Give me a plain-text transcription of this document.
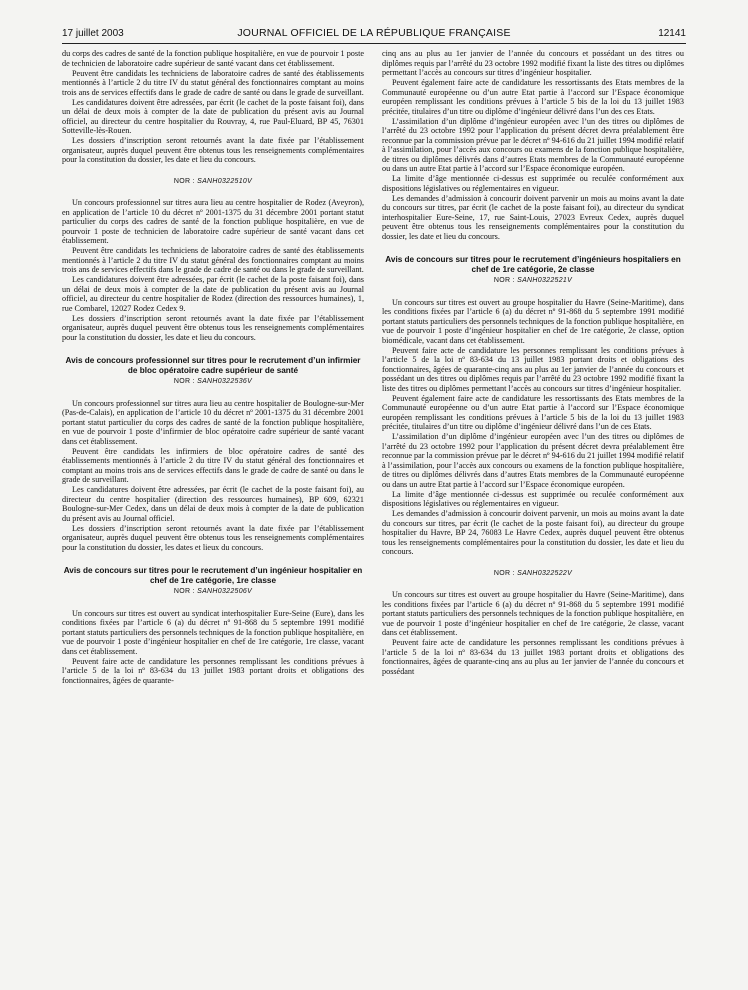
17 juillet 2003	JOURNAL OFFICIEL DE LA RÉPUBLIQUE FRANÇAISE	12141

du corps des cadres de santé de la fonction publique hospitalière, en vue de pourvoir 1 poste de technicien de laboratoire cadre supérieur de santé vacant dans cet établissement.

Peuvent être candidats les techniciens de laboratoire cadres de santé des établissements mentionnés à l’article 2 du titre IV du statut général des fonctionnaires comptant au moins trois ans de services effectifs dans le grade de cadre de santé ou dans le grade de surveillant.

Les candidatures doivent être adressées, par écrit (le cachet de la poste faisant foi), dans un délai de deux mois à compter de la date de publication du présent avis au Journal officiel, au directeur du centre hospitalier du Rouvray, 4, rue Paul-Eluard, BP 45, 76301 Sotteville-lès-Rouen.

Les dossiers d’inscription seront retournés avant la date fixée par l’établissement organisateur, auprès duquel peuvent être obtenus tous les renseignements complémentaires pour la constitution du dossier, les date et lieu du concours.

NOR : SANH0322510V

Un concours professionnel sur titres aura lieu au centre hospitalier de Rodez (Aveyron), en application de l’article 10 du décret nº 2001-1375 du 31 décembre 2001 portant statut particulier du corps des cadres de santé de la fonction publique hospitalière, en vue de pourvoir 1 poste de technicien de laboratoire cadre supérieur de santé vacant dans cet établissement.

Peuvent être candidats les techniciens de laboratoire cadres de santé des établissements mentionnés à l’article 2 du titre IV du statut général des fonctionnaires comptant au moins trois ans de services effectifs dans le grade de cadre de santé ou dans le grade de surveillant.

Les candidatures doivent être adressées, par écrit (le cachet de la poste faisant foi), dans un délai de deux mois à compter de la date de publication du présent avis au Journal officiel, au directeur du centre hospitalier de Rodez (direction des ressources humaines), 1, rue Combarel, 12027 Rodez Cedex 9.

Les dossiers d’inscription seront retournés avant la date fixée par l’établissement organisateur, auprès duquel peuvent être obtenus tous les renseignements complémentaires pour la constitution du dossier, les date et lieu du concours.

Avis de concours professionnel sur titres pour le recrutement d’un infirmier de bloc opératoire cadre supérieur de santé
NOR : SANH0322536V

Un concours professionnel sur titres aura lieu au centre hospitalier de Boulogne-sur-Mer (Pas-de-Calais), en application de l’article 10 du décret nº 2001-1375 du 31 décembre 2001 portant statut particulier du corps des cadres de santé de la fonction publique hospitalière, en vue de pourvoir 1 poste d’infirmier de bloc opératoire cadre supérieur de santé vacant dans cet établissement.

Peuvent être candidats les infirmiers de bloc opératoire cadres de santé des établissements mentionnés à l’article 2 du titre IV du statut général des fonctionnaires et comptant au moins trois ans de services effectifs dans le grade de cadre de santé ou dans le grade de surveillant.

Les candidatures doivent être adressées, par écrit (le cachet de la poste faisant foi), au directeur du centre hospitalier (direction des ressources humaines), BP 609, 62321 Boulogne-sur-Mer Cedex, dans un délai de deux mois à compter de la date de publication du présent avis au Journal officiel.

Les dossiers d’inscription seront retournés avant la date fixée par l’établissement organisateur, auprès duquel peuvent être obtenus tous les renseignements complémentaires pour la constitution du dossier, les dates et lieux du concours.

Avis de concours sur titres pour le recrutement d’un ingénieur hospitalier en chef de 1re catégorie, 1re classe
NOR : SANH0322506V

Un concours sur titres est ouvert au syndicat interhospitalier Eure-Seine (Eure), dans les conditions fixées par l’article 6 (a) du décret nº 91-868 du 5 septembre 1991 modifié portant statuts particuliers des personnels techniques de la fonction publique hospitalière, en vue de pourvoir 1 poste d’ingénieur hospitalier en chef de 1re catégorie, 1re classe, vacant dans cet établissement.

Peuvent faire acte de candidature les personnes remplissant les conditions prévues à l’article 5 de la loi nº 83-634 du 13 juillet 1983 portant droits et obligations des fonctionnaires, âgées de quarante-

cinq ans au plus au 1er janvier de l’année du concours et possédant un des titres ou diplômes requis par l’arrêté du 23 octobre 1992 modifié fixant la liste des titres ou diplômes permettant l’accès au concours sur titres d’ingénieur hospitalier.

Peuvent également faire acte de candidature les ressortissants des Etats membres de la Communauté européenne ou d’un autre Etat partie à l’accord sur l’Espace économique européen remplissant les conditions prévues à l’article 5 bis de la loi du 13 juillet 1983 précitée, titulaires d’un titre ou diplôme d’ingénieur délivré dans l’un des ces Etats.

L’assimilation d’un diplôme d’ingénieur européen avec l’un des titres ou diplômes de l’arrêté du 23 octobre 1992 pour l’application du présent décret devra préalablement être reconnue par la commission prévue par le décret nº 94-616 du 21 juillet 1994 modifié relatif à l’assimilation, pour l’accès aux concours ou examens de la fonction publique hospitalière, de titres ou diplômes délivrés dans d’autres Etats membres de la Communauté européenne ou dans un autre Etat partie à l’accord sur l’Espace économique européen.

La limite d’âge mentionnée ci-dessus est supprimée ou reculée conformément aux dispositions législatives ou réglementaires en vigueur.

Les demandes d’admission à concourir doivent parvenir un mois au moins avant la date du concours sur titres, par écrit (le cachet de la poste faisant foi), au directeur du syndicat interhospitalier Eure-Seine, 17, rue Saint-Louis, 27023 Evreux Cedex, auprès duquel peuvent être obtenus tous les renseignements complémentaires pour la constitution du dossier, les date et lieu du concours.

Avis de concours sur titres pour le recrutement d’ingénieurs hospitaliers en chef de 1re catégorie, 2e classe
NOR : SANH0322521V

Un concours sur titres est ouvert au groupe hospitalier du Havre (Seine-Maritime), dans les conditions fixées par l’article 6 (a) du décret nº 91-868 du 5 septembre 1991 modifié portant statuts particuliers des personnels techniques de la fonction publique hospitalière, en vue de pourvoir 1 poste d’ingénieur hospitalier en chef de 1re catégorie, 2e classe, option biomédicale, vacant dans cet établissement.

Peuvent faire acte de candidature les personnes remplissant les conditions prévues à l’article 5 de la loi nº 83-634 du 13 juillet 1983 portant droits et obligations des fonctionnaires, âgées de quarante-cinq ans au plus au 1er janvier de l’année du concours et possédant un des titres ou diplômes requis par l’arrêté du 23 octobre 1992 modifié fixant la liste des titres ou diplômes permettant l’accès au concours sur titres d’ingénieur hospitalier.

Peuvent également faire acte de candidature les ressortissants des Etats membres de la Communauté européenne ou d’un autre Etat partie à l’accord sur l’Espace économique européen remplissant les conditions prévues à l’article 5 bis de la loi du 13 juillet 1983 précitée, titulaires d’un titre ou diplôme d’ingénieur délivré dans l’un de ces Etats.

L’assimilation d’un diplôme d’ingénieur européen avec l’un des titres ou diplômes de l’arrêté du 23 octobre 1992 pour l’application du présent décret devra préalablement être reconnue par la commission prévue par le décret nº 94-616 du 21 juillet 1994 modifié relatif à l’assimilation, pour l’accès aux concours ou examens de la fonction publique hospitalière, de titres ou diplômes délivrés dans d’autres Etats membres de la Communauté européenne ou dans un autre Etat partie à l’accord sur l’Espace économique européen.

La limite d’âge mentionnée ci-dessus est supprimée ou reculée conformément aux dispositions législatives ou réglementaires en vigueur.

Les demandes d’admission à concourir doivent parvenir, un mois au moins avant la date du concours sur titres, par écrit (le cachet de la poste faisant foi), au directeur du groupe hospitalier du Havre, BP 24, 76083 Le Havre Cedex, auprès duquel peuvent être obtenus tous les renseignements complémentaires pour la constitution du dossier, les date et lieu du concours.

NOR : SANH0322522V

Un concours sur titres est ouvert au groupe hospitalier du Havre (Seine-Maritime), dans les conditions fixées par l’article 6 (a) du décret nº 91-868 du 5 septembre 1991 modifié portant statuts particuliers des personnels techniques de la fonction publique hospitalière, en vue de pourvoir 1 poste d’ingénieur hospitalier en chef de 1re catégorie, 2e classe, vacant dans cet établissement.

Peuvent faire acte de candidature les personnes remplissant les conditions prévues à l’article 5 de la loi nº 83-634 du 13 juillet 1983 portant droits et obligations des fonctionnaires, âgées de quarante-cinq ans au plus au 1er janvier de l’année du concours et possédant
